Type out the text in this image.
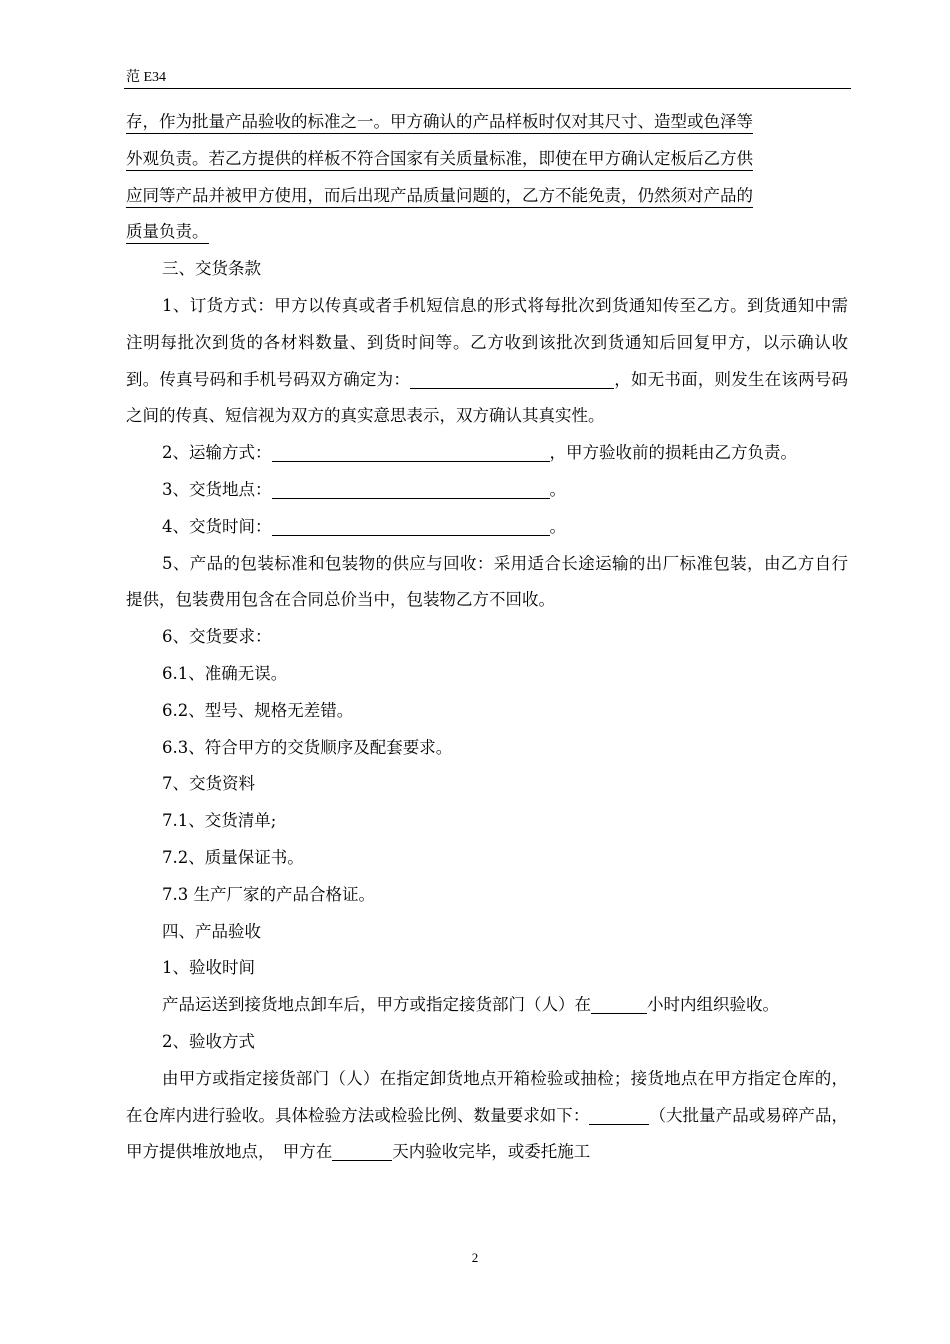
范 E34

存，作为批量产品验收的标准之一。甲方确认的产品样板时仅对其尺寸、造型或色泽等
外观负责。若乙方提供的样板不符合国家有关质量标准，即使在甲方确认定板后乙方供
应同等产品并被甲方使用，而后出现产品质量问题的，乙方不能免责，仍然须对产品的
质量负责。

三、交货条款

1、订货方式：甲方以传真或者手机短信息的形式将每批次到货通知传至乙方。到货通知中需注明每批次到货的各材料数量、到货时间等。乙方收到该批次到货通知后回复甲方，以示确认收到。传真号码和手机号码双方确定为：	，如无书面，则发生在该两号码之间的传真、短信视为双方的真实意思表示，双方确认其真实性。

2、运输方式：	，甲方验收前的损耗由乙方负责。

3、交货地点：	。

4、交货时间：	。

5、产品的包装标准和包装物的供应与回收：采用适合长途运输的出厂标准包装，由乙方自行提供，包装费用包含在合同总价当中，包装物乙方不回收。

6、交货要求：

6.1、准确无误。

6.2、型号、规格无差错。

6.3、符合甲方的交货顺序及配套要求。

7、交货资料

7.1、交货清单;

7.2、质量保证书。

7.3 生产厂家的产品合格证。

四、产品验收

1、验收时间

产品运送到接货地点卸车后，甲方或指定接货部门（人）在	小时内组织验收。

2、验收方式

由甲方或指定接货部门（人）在指定卸货地点开箱检验或抽检；接货地点在甲方指定仓库的，在仓库内进行验收。具体检验方法或检验比例、数量要求如下：	（大批量产品或易碎产品，甲方提供堆放地点，　甲方在	天内验收完毕，或委托施工

2
